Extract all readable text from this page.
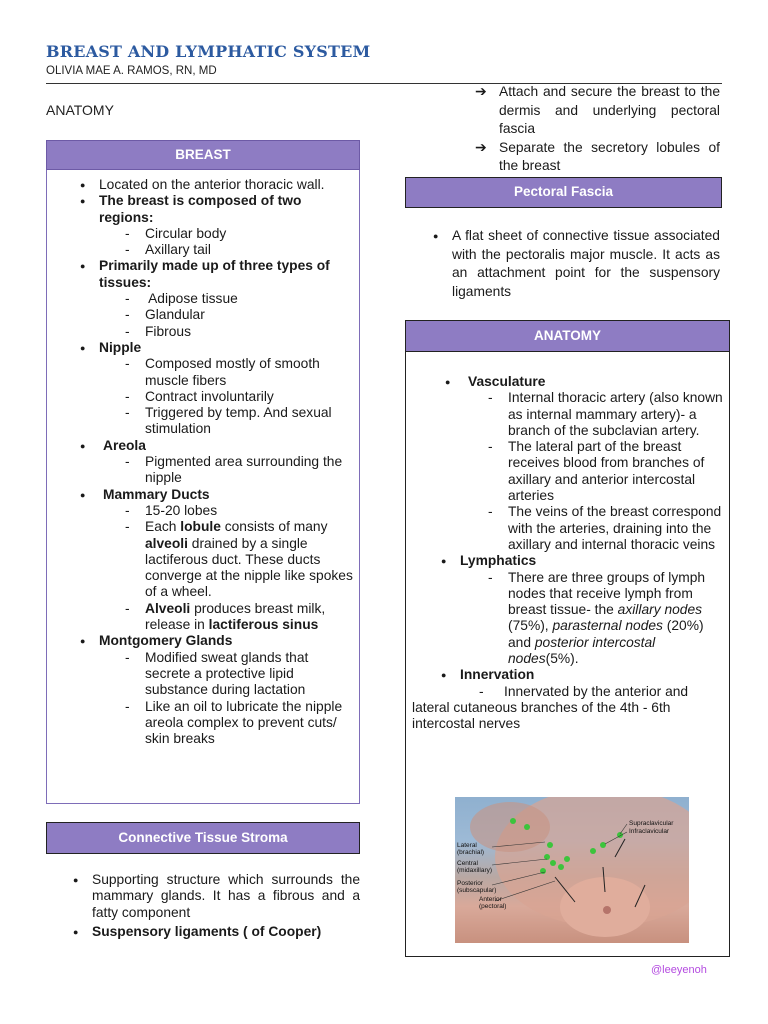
BREAST AND LYMPHATIC SYSTEM
OLIVIA MAE A. RAMOS, RN, MD
ANATOMY
BREAST
● Located on the anterior thoracic wall.
● The breast is composed of two regions:
- Circular body
- Axillary tail
● Primarily made up of three types of tissues:
-  Adipose tissue
- Glandular
- Fibrous
● Nipple
- Composed mostly of smooth muscle fibers
- Contract involuntarily
- Triggered by temp. And sexual stimulation
● Areola
- Pigmented area surrounding the nipple
● Mammary Ducts
- 15-20 lobes
- Each lobule consists of many alveoli drained by a single lactiferous duct. These ducts converge at the nipple like spokes of a wheel.
- Alveoli produces breast milk, release in lactiferous sinus
● Montgomery Glands
- Modified sweat glands that secrete a protective lipid substance during lactation
- Like an oil to lubricate the nipple areola complex to prevent cuts/ skin breaks
Connective Tissue Stroma
● Supporting structure which surrounds the mammary glands. It has a fibrous and a fatty component
● Suspensory ligaments ( of Cooper)
➔ Attach and secure the breast to the dermis and underlying pectoral fascia
➔ Separate the secretory lobules of the breast
Pectoral Fascia
● A flat sheet of connective tissue associated with the pectoralis major muscle. It acts as an attachment point for the suspensory ligaments
ANATOMY
● Vasculature
- Internal thoracic artery (also known as internal mammary artery)- a branch of the subclavian artery.
- The lateral part of the breast receives blood from branches of axillary and anterior intercostal arteries
- The veins of the breast correspond with the arteries, draining into the axillary and internal thoracic veins
● Lymphatics
- There are three groups of lymph nodes that receive lymph from breast tissue- the axillary nodes (75%), parasternal nodes (20%) and posterior intercostal nodes(5%).
● Innervation
- Innervated by the anterior and lateral cutaneous branches of the 4th - 6th intercostal nerves
Supraclavicular
Infraclavicular
Lateral
(brachial)
Central
(midaxillary)
Posterior
(subscapular)
Anterior
(pectoral)
@leeyenoh
